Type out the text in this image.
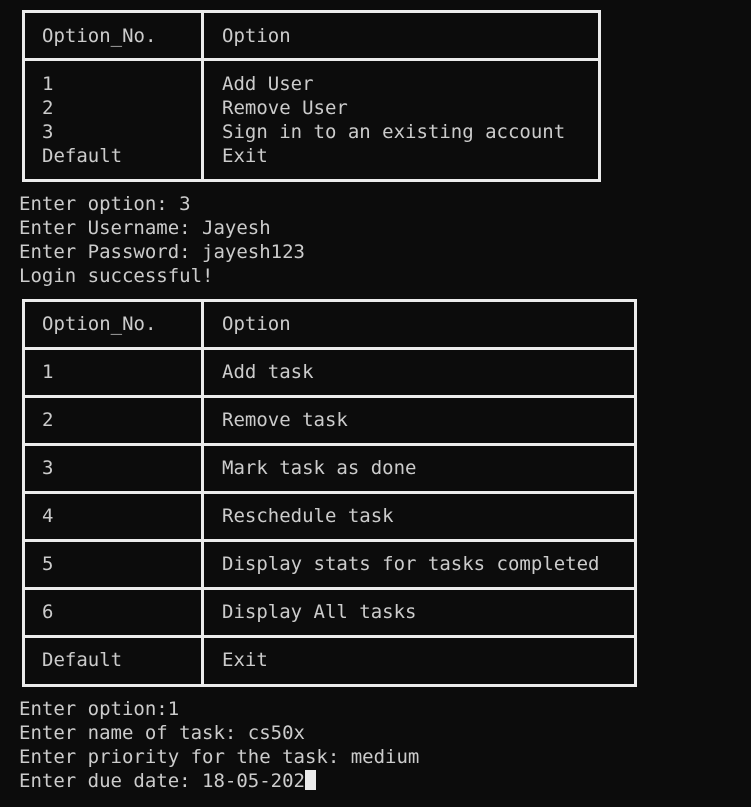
Option_No.	Option
1	Add User
2	Remove User
3	Sign in to an existing account
Default	Exit
Enter option: 3
Enter Username: Jayesh
Enter Password: jayesh123
Login successful!
Option_No.	Option
1	Add task
2	Remove task
3	Mark task as done
4	Reschedule task
5	Display stats for tasks completed
6	Display All tasks
Default	Exit
Enter option:1
Enter name of task: cs50x
Enter priority for the task: medium
Enter due date: 18-05-202
